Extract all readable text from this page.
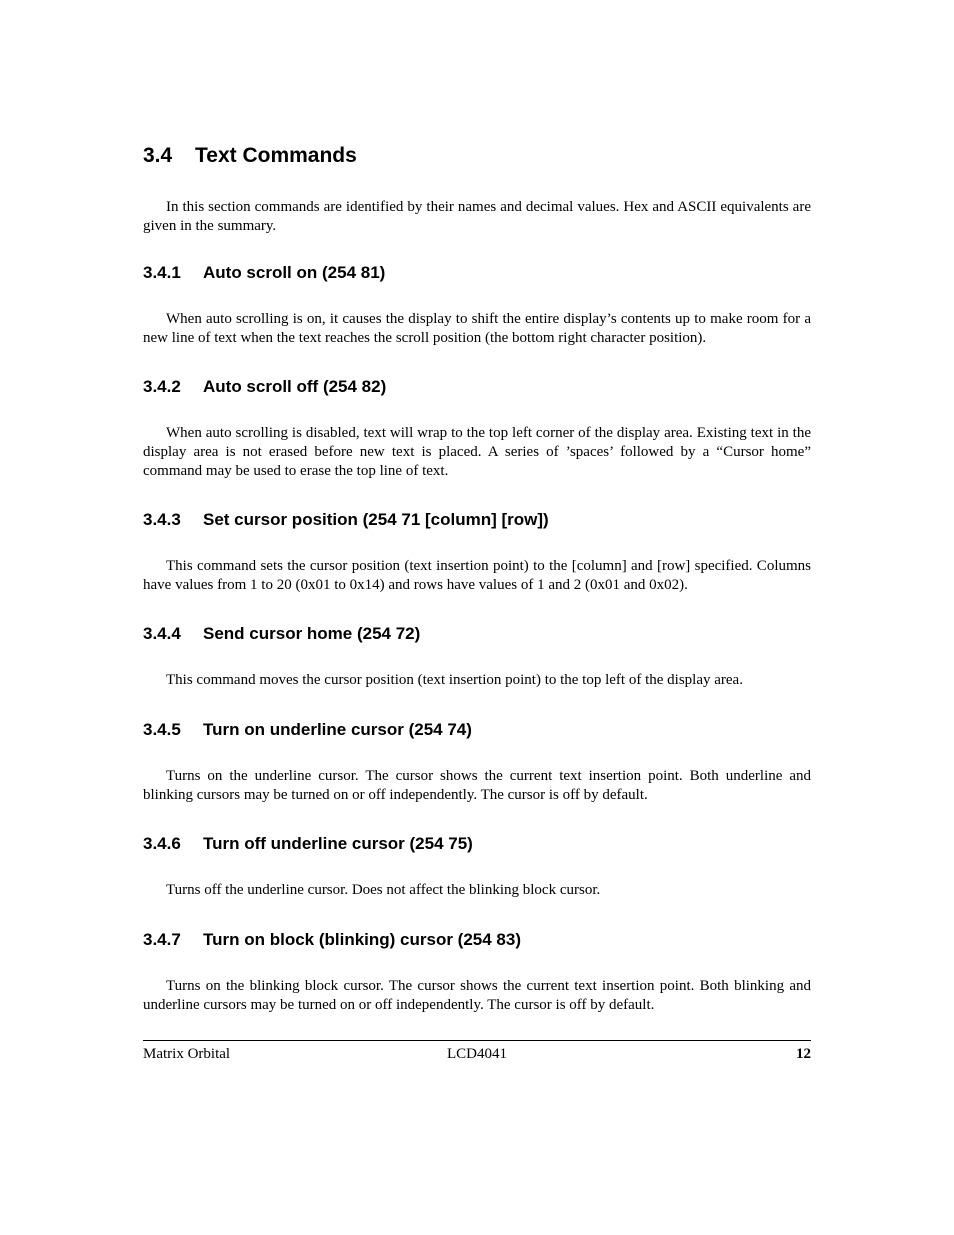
3.4 Text Commands

In this section commands are identified by their names and decimal values. Hex and ASCII equivalents are given in the summary.

3.4.1 Auto scroll on (254 81)

When auto scrolling is on, it causes the display to shift the entire display’s contents up to make room for a new line of text when the text reaches the scroll position (the bottom right character position).

3.4.2 Auto scroll off (254 82)

When auto scrolling is disabled, text will wrap to the top left corner of the display area. Existing text in the display area is not erased before new text is placed. A series of ’spaces’ followed by a “Cursor home” command may be used to erase the top line of text.

3.4.3 Set cursor position (254 71 [column] [row])

This command sets the cursor position (text insertion point) to the [column] and [row] specified. Columns have values from 1 to 20 (0x01 to 0x14) and rows have values of 1 and 2 (0x01 and 0x02).

3.4.4 Send cursor home (254 72)

This command moves the cursor position (text insertion point) to the top left of the display area.

3.4.5 Turn on underline cursor (254 74)

Turns on the underline cursor. The cursor shows the current text insertion point. Both underline and blinking cursors may be turned on or off independently. The cursor is off by default.

3.4.6 Turn off underline cursor (254 75)

Turns off the underline cursor. Does not affect the blinking block cursor.

3.4.7 Turn on block (blinking) cursor (254 83)

Turns on the blinking block cursor. The cursor shows the current text insertion point. Both blinking and underline cursors may be turned on or off independently. The cursor is off by default.

Matrix Orbital	LCD4041	12
